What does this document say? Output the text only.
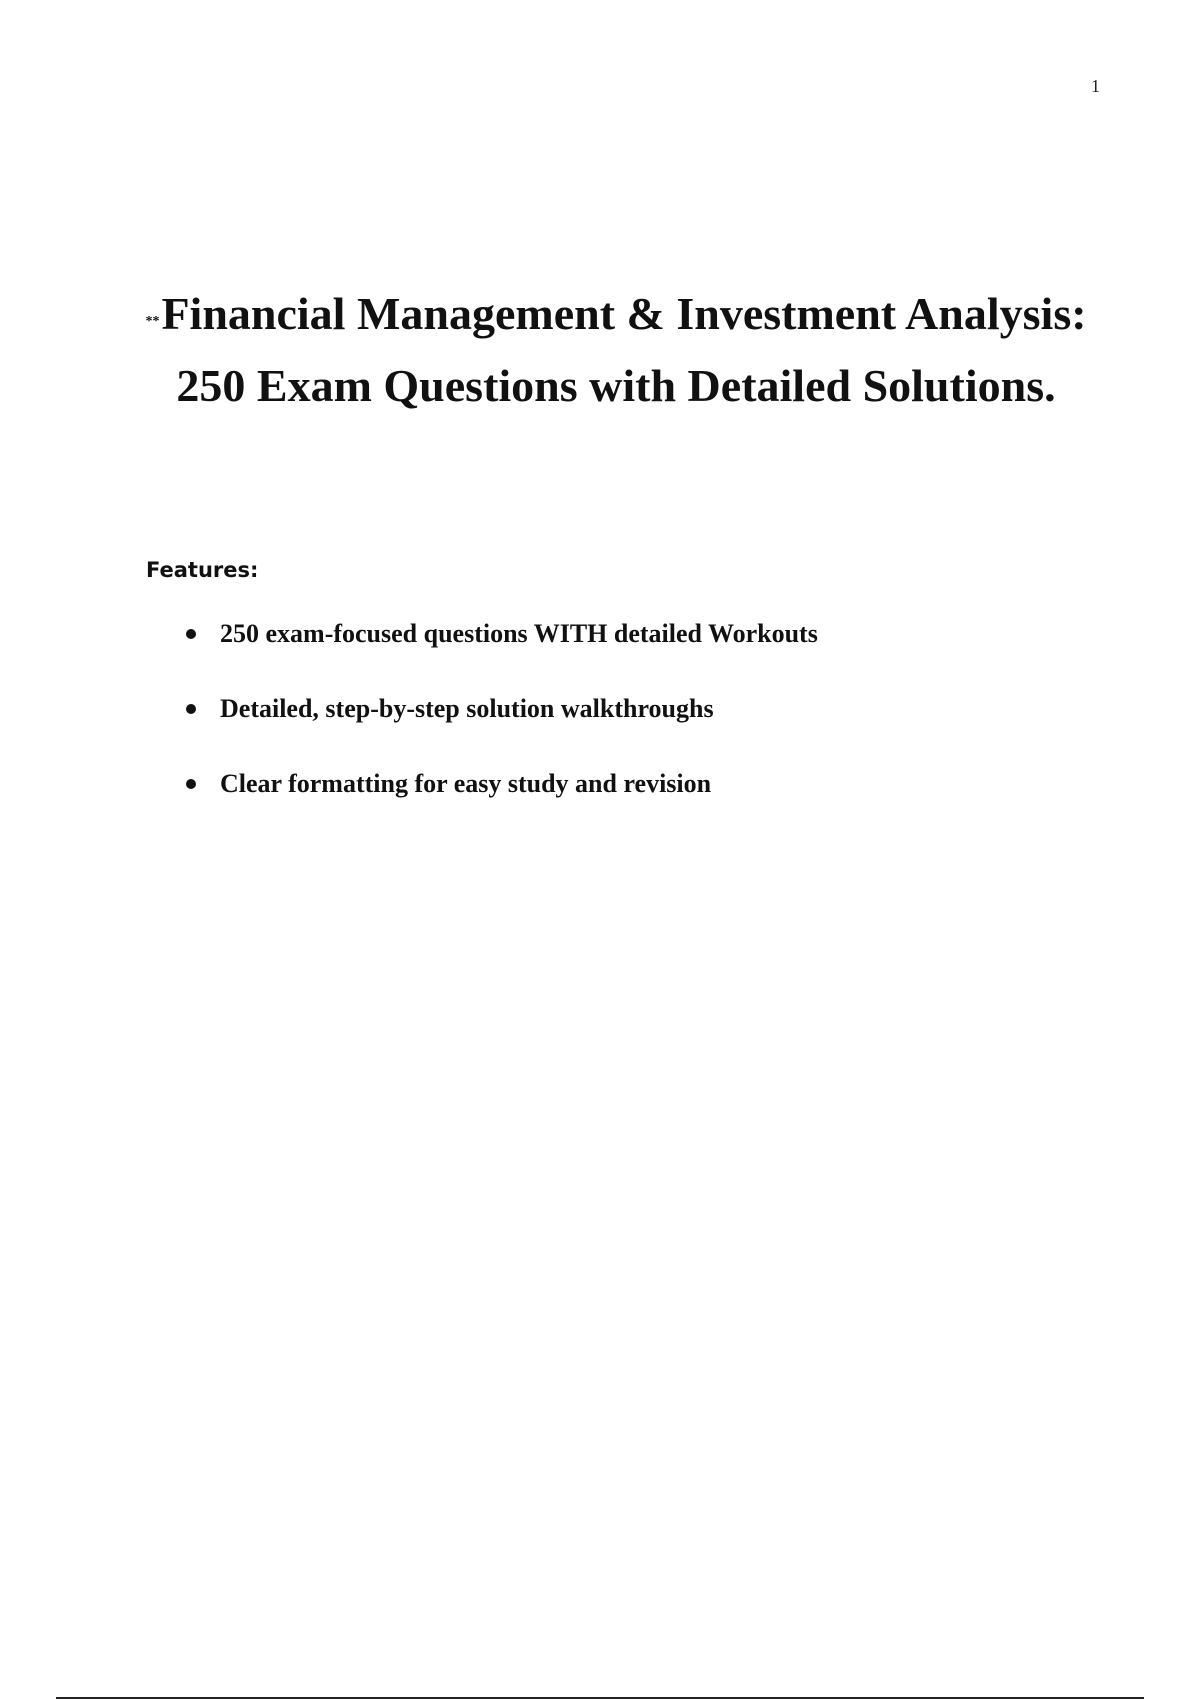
1
**Financial Management & Investment Analysis: 250 Exam Questions with Detailed Solutions.
Features:
250 exam-focused questions WITH detailed Workouts
Detailed, step-by-step solution walkthroughs
Clear formatting for easy study and revision
